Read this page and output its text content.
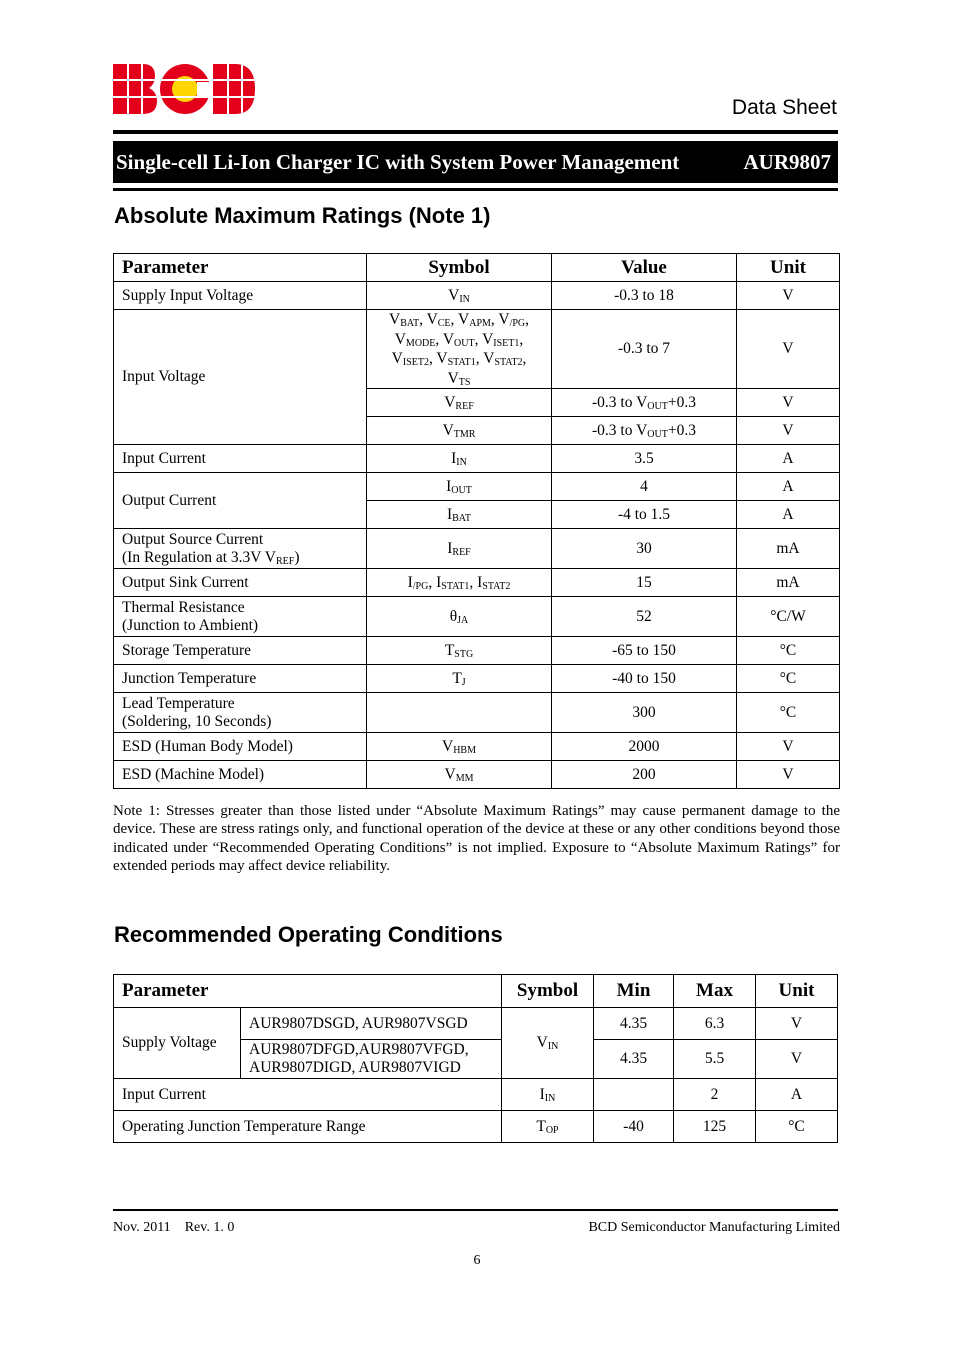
Data Sheet
Single-cell Li-Ion Charger IC with System Power Management	AUR9807
Absolute Maximum Ratings (Note 1)
Parameter	Symbol	Value	Unit
Supply Input Voltage	$V_{IN}$	-0.3 to 18	V
Input Voltage	$V_{BAT}$, $V_{CE}$, $V_{APM}$, $V_{/PG}$,
$V_{MODE}$, $V_{OUT}$, $V_{ISET1}$,
$V_{ISET2}$, $V_{STAT1}$, $V_{STAT2}$,
$V_{TS}$	-0.3 to 7	V
	$V_{REF}$	-0.3 to $V_{OUT}+0.3$	V
	$V_{TMR}$	-0.3 to $V_{OUT}+0.3$	V
Input Current	$I_{IN}$	3.5	A
Output Current	$I_{OUT}$	4	A
	$I_{BAT}$	-4 to 1.5	A
Output Source Current
(In Regulation at 3.3V $V_{REF}$)	$I_{REF}$	30	mA
Output Sink Current	$I_{/PG}$, $I_{STAT1}$, $I_{STAT2}$	15	mA
Thermal Resistance
(Junction to Ambient)	$\theta_{JA}$	52	°C/W
Storage Temperature	$T_{STG}$	-65 to 150	°C
Junction Temperature	$T_J$	-40 to 150	°C
Lead Temperature
(Soldering, 10 Seconds)		300	°C
ESD (Human Body Model)	$V_{HBM}$	2000	V
ESD (Machine Model)	$V_{MM}$	200	V
Note 1: Stresses greater than those listed under “Absolute Maximum Ratings” may cause permanent damage to the device. These are stress ratings only, and functional operation of the device at these or any other conditions beyond those indicated under “Recommended Operating Conditions” is not implied. Exposure to “Absolute Maximum Ratings” for extended periods may affect device reliability.
Recommended Operating Conditions
Parameter		Symbol	Min	Max	Unit
Supply Voltage	AUR9807DSGD, AUR9807VSGD	$V_{IN}$	4.35	6.3	V
	AUR9807DFGD,AUR9807VFGD,
AUR9807DIGD, AUR9807VIGD		4.35	5.5	V
Input Current		$I_{IN}$		2	A
Operating Junction Temperature Range		$T_{OP}$	-40	125	°C
Nov. 2011 Rev. 1. 0	BCD Semiconductor Manufacturing Limited
6
